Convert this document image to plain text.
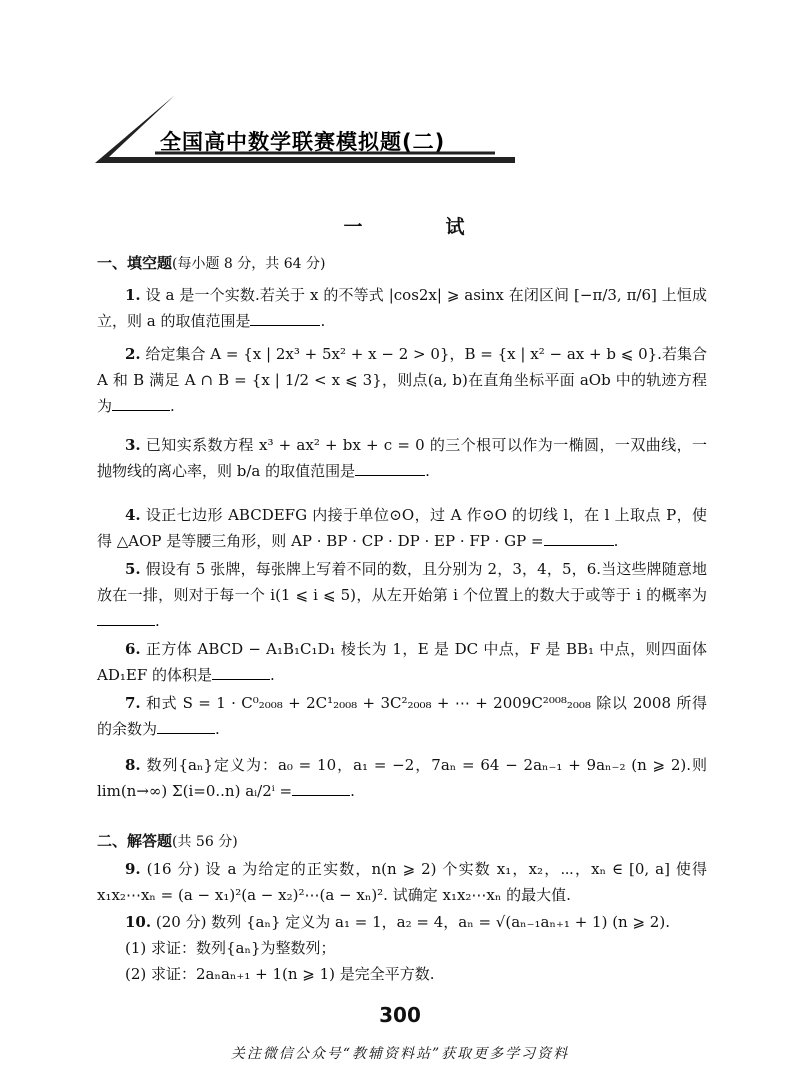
全国高中数学联赛模拟题(二)
一　试
一、填空题(每小题 8 分，共 64 分)
1. 设 a 是一个实数.若关于 x 的不等式 |cos2x| ⩾ asinx 在闭区间 [−π/3, π/6] 上恒成立，则 a 的取值范围是	.
2. 给定集合 A = {x | 2x³ + 5x² + x − 2 > 0}，B = {x | x² − ax + b ⩽ 0}.若集合 A 和 B 满足 A ∩ B = {x | 1/2 < x ⩽ 3}，则点(a, b)在直角坐标平面 aOb 中的轨迹方程为	.
3. 已知实系数方程 x³ + ax² + bx + c = 0 的三个根可以作为一椭圆，一双曲线，一抛物线的离心率，则 b/a 的取值范围是	.
4. 设正七边形 ABCDEFG 内接于单位⊙O，过 A 作⊙O 的切线 l，在 l 上取点 P，使得 △AOP 是等腰三角形，则 AP · BP · CP · DP · EP · FP · GP =	.
5. 假设有 5 张牌，每张牌上写着不同的数，且分别为 2，3，4，5，6.当这些牌随意地放在一排，则对于每一个 i(1 ⩽ i ⩽ 5)，从左开始第 i 个位置上的数大于或等于 i 的概率为.
6. 正方体 ABCD − A₁B₁C₁D₁ 棱长为 1，E 是 DC 中点，F 是 BB₁ 中点，则四面体 AD₁EF 的体积是	.
7. 和式 S = 1 · C⁰₂₀₀₈ + 2C¹₂₀₀₈ + 3C²₂₀₀₈ + ⋯ + 2009C²⁰⁰⁸₂₀₀₈ 除以 2008 所得的余数为	.
8. 数列{aₙ}定义为：a₀ = 10，a₁ = −2，7aₙ = 64 − 2aₙ₋₁ + 9aₙ₋₂ (n ⩾ 2).则 lim(n→∞) Σ(i=0..n) aᵢ/2ⁱ =	.
二、解答题(共 56 分)
9. (16 分) 设 a 为给定的正实数，n(n ⩾ 2) 个实数 x₁，x₂，⋯，xₙ ∈ [0, a] 使得 x₁x₂⋯xₙ = (a − x₁)²(a − x₂)²⋯(a − xₙ)². 试确定 x₁x₂⋯xₙ 的最大值.
10. (20 分) 数列 {aₙ} 定义为 a₁ = 1，a₂ = 4，aₙ = √(aₙ₋₁aₙ₊₁ + 1) (n ⩾ 2).
(1) 求证：数列{aₙ}为整数列；
(2) 求证：2aₙaₙ₊₁ + 1(n ⩾ 1) 是完全平方数.
300
关注微信公众号“教辅资料站”获取更多学习资料
